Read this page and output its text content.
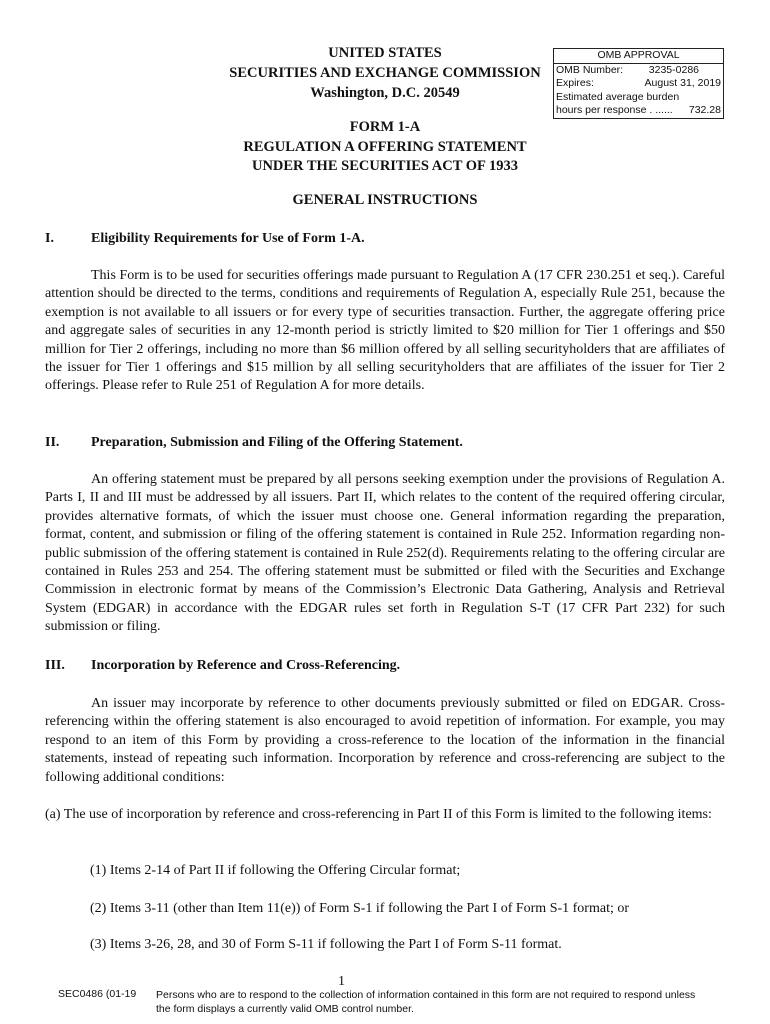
UNITED STATES
SECURITIES AND EXCHANGE COMMISSION
Washington, D.C. 20549
OMB APPROVAL
OMB Number: 3235-0286
Expires:	August 31, 2019
Estimated average burden
hours per response . ...... 732.28
FORM 1-A
REGULATION A OFFERING STATEMENT
UNDER THE SECURITIES ACT OF 1933
GENERAL INSTRUCTIONS
I.	Eligibility Requirements for Use of Form 1-A.
This Form is to be used for securities offerings made pursuant to Regulation A (17 CFR 230.251 et seq.). Careful attention should be directed to the terms, conditions and requirements of Regulation A, especially Rule 251, because the exemption is not available to all issuers or for every type of securities transaction. Further, the aggregate offering price and aggregate sales of securities in any 12-month period is strictly limited to $20 million for Tier 1 offerings and $50 million for Tier 2 offerings, including no more than $6 million offered by all selling securityholders that are affiliates of the issuer for Tier 1 offerings and $15 million by all selling securityholders that are affiliates of the issuer for Tier 2 offerings. Please refer to Rule 251 of Regulation A for more details.
II.	Preparation, Submission and Filing of the Offering Statement.
An offering statement must be prepared by all persons seeking exemption under the provisions of Regulation A. Parts I, II and III must be addressed by all issuers. Part II, which relates to the content of the required offering circular, provides alternative formats, of which the issuer must choose one. General information regarding the preparation, format, content, and submission or filing of the offering statement is contained in Rule 252. Information regarding non-public submission of the offering statement is contained in Rule 252(d). Requirements relating to the offering circular are contained in Rules 253 and 254. The offering statement must be submitted or filed with the Securities and Exchange Commission in electronic format by means of the Commission’s Electronic Data Gathering, Analysis and Retrieval System (EDGAR) in accordance with the EDGAR rules set forth in Regulation S-T (17 CFR Part 232) for such submission or filing.
III.	Incorporation by Reference and Cross-Referencing.
An issuer may incorporate by reference to other documents previously submitted or filed on EDGAR. Cross-referencing within the offering statement is also encouraged to avoid repetition of information. For example, you may respond to an item of this Form by providing a cross-reference to the location of the information in the financial statements, instead of repeating such information. Incorporation by reference and cross-referencing are subject to the following additional conditions:
(a) The use of incorporation by reference and cross-referencing in Part II of this Form is limited to the following items:
(1) Items 2-14 of Part II if following the Offering Circular format;
(2) Items 3-11 (other than Item 11(e)) of Form S-1 if following the Part I of Form S-1 format; or
(3) Items 3-26, 28, and 30 of Form S-11 if following the Part I of Form S-11 format.
1
SEC0486 (01-19 Persons who are to respond to the collection of information contained in this form are not required to respond unless the form displays a currently valid OMB control number.
